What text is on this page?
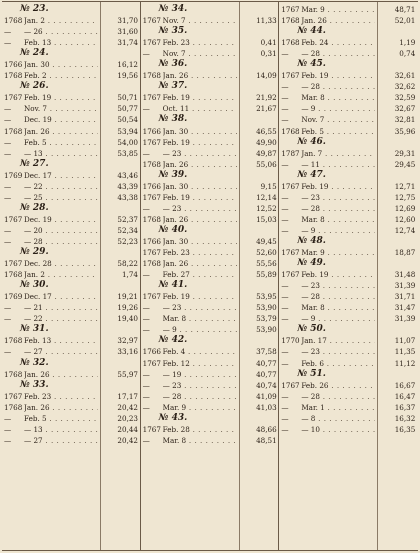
№ 23.
1768 Jan. 2 . . .	31,70
—	— 26 . . .	31,60
—	Feb. 13 . . .	31,74
№ 24.
1766 Jan. 30 . . .	16,12
1768 Feb. 2 . . .	19,56
№ 26.
1767 Feb. 19 . . .	50,71
—	Nov. 7 . . .	50,77
—	Dec. 19 . . .	50,54
1768 Jan. 26 . . .	53,94
—	Feb. 5 . . .	54,00
—	— 13 . . .	53,85
№ 27.
1769 Dec. 17 . . .	43,46
—	— 22 . . .	43,39
—	— 25 . . .	43,38
№ 28.
1767 Dec. 19 . . .	52,37
—	— 20 . . .	52,34
—	— 28 . . .	52,23
№ 29.
1767 Dec. 28 . . .	58,22
1768 Jan. 2 . . .	1,74
№ 30.
1769 Dec. 17 . . .	19,21
—	— 21 . . .	19,26
—	— 22 . . .	19,40
№ 31.
1768 Feb. 13 . . .	32,97
—	— 27 . . .	33,16
№ 32.
1768 Jan. 26 . . .	55,97
№ 33.
1767 Feb. 23 . . .	17,17
1768 Jan. 26 . . .	20,42
—	Feb. 5 . . .	20,23
—	— 13 . . .	20,44
—	— 27 . . .	20,42
№ 34.
1767 Nov. 7 . . .	11,33
№ 35.
1767 Feb. 23 . . .	0,41
—	Nov. 7 . . .	0,31
№ 36.
1768 Jan. 26 . . .	14,09
№ 37.
1767 Feb. 19 . . .	21,92
—	Oct. 11 . . .	21,67
№ 38.
1766 Jan. 30 . . .	46,55
1767 Feb. 19 . . .	49,90
—	— 23 . . .	49,87
1768 Jan. 26 . . .	55,06
№ 39.
1766 Jan. 30 . . .	9,15
1767 Feb. 19 . . .	12,14
—	— 23 . . .	12,52
1768 Jan. 26 . . .	15,03
№ 40.
1766 Jan. 30 . . .	49,45
1767 Feb. 23 . . .	52,60
1768 Jan. 26 . . .	55,56
—	Feb. 27 . . .	55,89
№ 41.
1767 Feb. 19 . . .	53,95
—	— 23 . . .	53,90
—	Mar. 8 . . .	53,79
—	— 9 . . .	53,90
№ 42.
1766 Feb. 4 . . .	37,58
1767 Feb. 12 . . .	40,77
—	— 19 . . .	40,77
—	— 23 . . .	40,74
—	— 28 . . .	41,09
—	Mar. 9 . . .	41,03
№ 43.
1767 Feb. 28 . . .	48,66
—	Mar. 8 . . .	48,51
1767 Mar. 9 . . .	48,71
1768 Jan. 26 . . .	52,01
№ 44.
1768 Feb. 24 . . .	1,19
—	— 28 . . .	0,74
№ 45.
1767 Feb. 19 . . .	32,61
—	— 28 . . .	32,62
—	Mar. 8 . . .	32,59
—	— 9 . . .	32,67
—	Nov. 7 . . .	32,81
1768 Feb. 5 . . .	35,96
№ 46.
1787 Jan. 7 . . .	29,31
—	— 11 . . .	29,45
№ 47.
1767 Feb. 19 . . .	12,71
—	— 23 . . .	12,75
—	— 28 . . .	12,69
—	Mar. 8 . . .	12,60
—	— 9 . . .	12,74
№ 48.
1767 Mar. 9 . . .	18,87
№ 49.
1767 Feb. 19 . . .	31,48
—	— 23 . . .	31,39
—	— 28 . . .	31,71
—	Mar. 8 . . .	31,47
—	— 9 . . .	31,39
№ 50.
1770 Jan. 17 . . .	11,07
—	— 23 . . .	11,35
—	Feb. 6 . . .	11,12
№ 51.
1767 Feb. 26 . . .	16,67
—	— 28 . . .	16,47
—	Mar. 1 . . .	16,37
—	— 8 . . .	16,32
—	— 10 . . .	16,35
